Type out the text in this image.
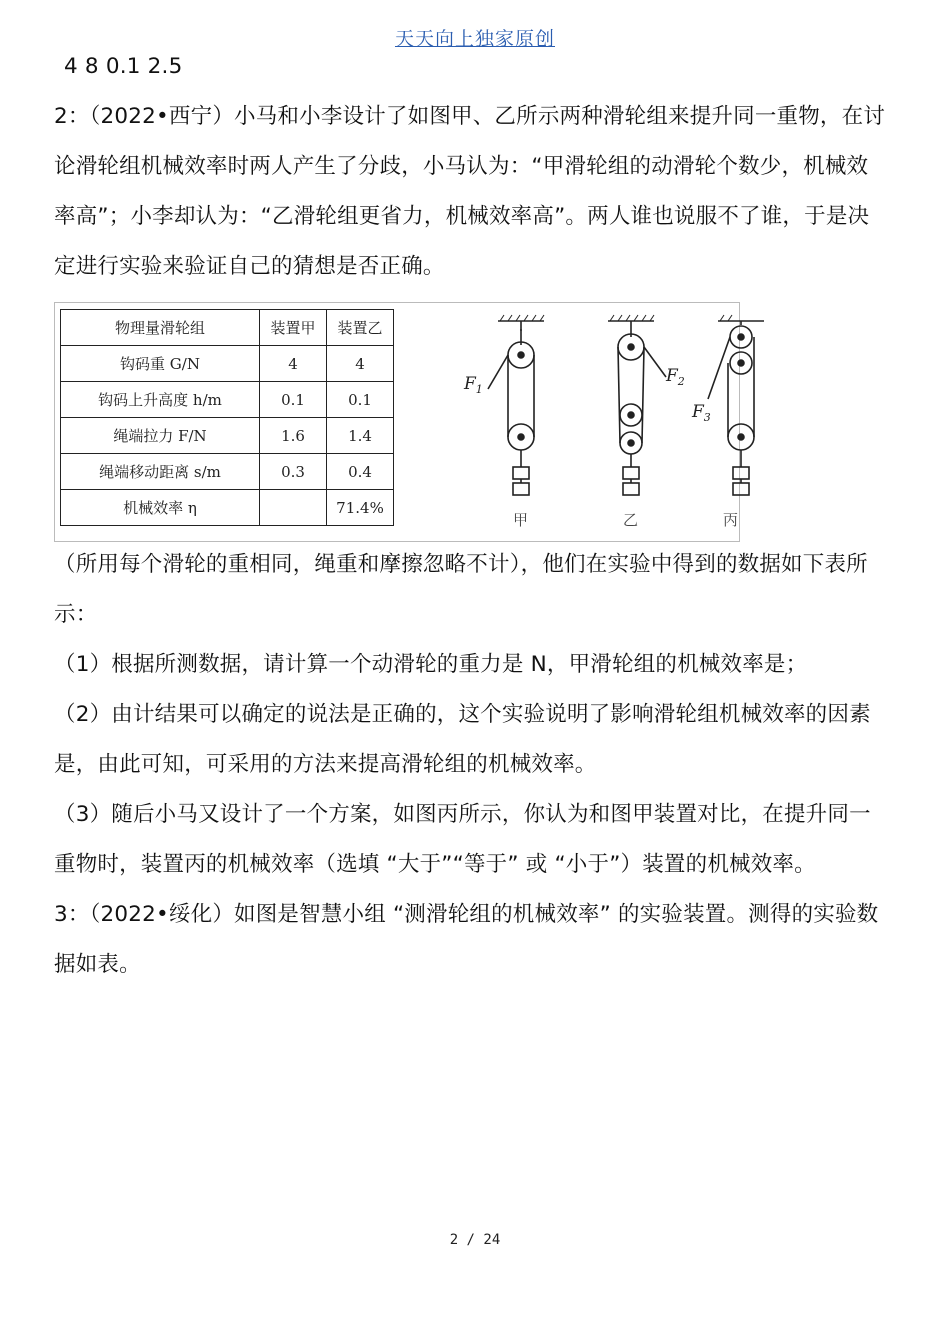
天天向上独家原创
4 8 0.1 2.5
2：（2022•西宁）小马和小李设计了如图甲、乙所示两种滑轮组来提升同一重物，在讨
论滑轮组机械效率时两人产生了分歧，小马认为：“甲滑轮组的动滑轮个数少，机械效
率高”；小李却认为：“乙滑轮组更省力，机械效率高”。两人谁也说服不了谁，于是决
定进行实验来验证自己的猜想是否正确。
物理量滑轮组	装置甲	装置乙
钩码重 G/N	4	4
钩码上升高度 h/m	0.1	0.1
绳端拉力 F/N	1.6	1.4
绳端移动距离 s/m	0.3	0.4
机械效率 η		71.4%
$F_1$
$F_2$
$F_3$
甲	乙	丙
（所用每个滑轮的重相同，绳重和摩擦忽略不计），他们在实验中得到的数据如下表所
示：
（1）根据所测数据，请计算一个动滑轮的重力是 N，甲滑轮组的机械效率是；
（2）由计结果可以确定的说法是正确的，这个实验说明了影响滑轮组机械效率的因素
是，由此可知，可采用的方法来提高滑轮组的机械效率。
（3）随后小马又设计了一个方案，如图丙所示，你认为和图甲装置对比，在提升同一
重物时，装置丙的机械效率（选填 “大于”“等于” 或 “小于”）装置的机械效率。
3：（2022•绥化）如图是智慧小组 “测滑轮组的机械效率” 的实验装置。测得的实验数
据如表。
2 / 24
